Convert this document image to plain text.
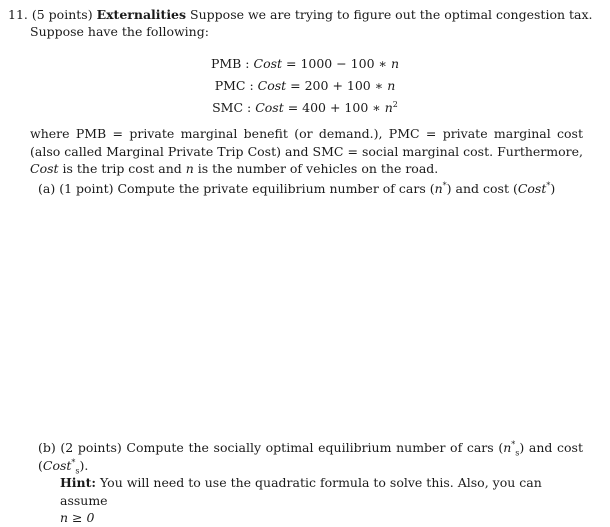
11. (5 points) Externalities Suppose we are trying to figure out the optimal congestion tax.
Suppose have the following:
PMB : Cost = 1000 − 100 ∗ n
PMC : Cost = 200 + 100 ∗ n
SMC : Cost = 400 + 100 ∗ $n^2$
where PMB = private marginal benefit (or demand.), PMC = private marginal cost (also called Marginal Private Trip Cost) and SMC = social marginal cost. Furthermore, Cost is the trip cost and n is the number of vehicles on the road.
(a) (1 point) Compute the private equilibrium number of cars (n*) and cost (Cost*)
(b) (2 points) Compute the socially optimal equilibrium number of cars $(n^*_s)$ and cost (Cost*$_s$).
Hint: You will need to use the quadratic formula to solve this. Also, you can assume
n ≥ 0
